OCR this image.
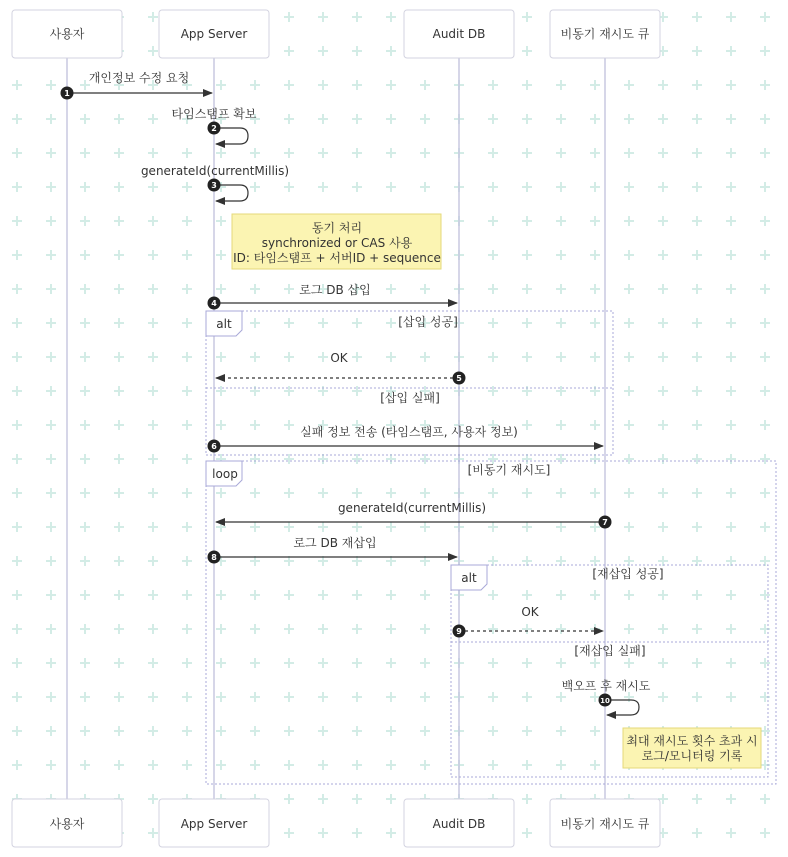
alt	[삽입 성공]
[삽입 실패]
loop	[비동기 재시도]
alt	[재삽입 성공]
[재삽입 실패]
동기 처리
synchronized or CAS 사용
ID: 타임스탬프 + 서버ID + sequence
최대 재시도 횟수 초과 시
로그/모니터링 기록
개인정보 수정 요청
1
타임스탬프 확보
2
generateId(currentMillis)
3
로그 DB 삽입
4
OK
5
실패 정보 전송 (타임스탬프, 사용자 정보)
6
generateId(currentMillis)
7
로그 DB 재삽입
8
OK
9
백오프 후 재시도
10
사용자	App Server	Audit DB	비동기 재시도 큐
사용자	App Server	Audit DB	비동기 재시도 큐
